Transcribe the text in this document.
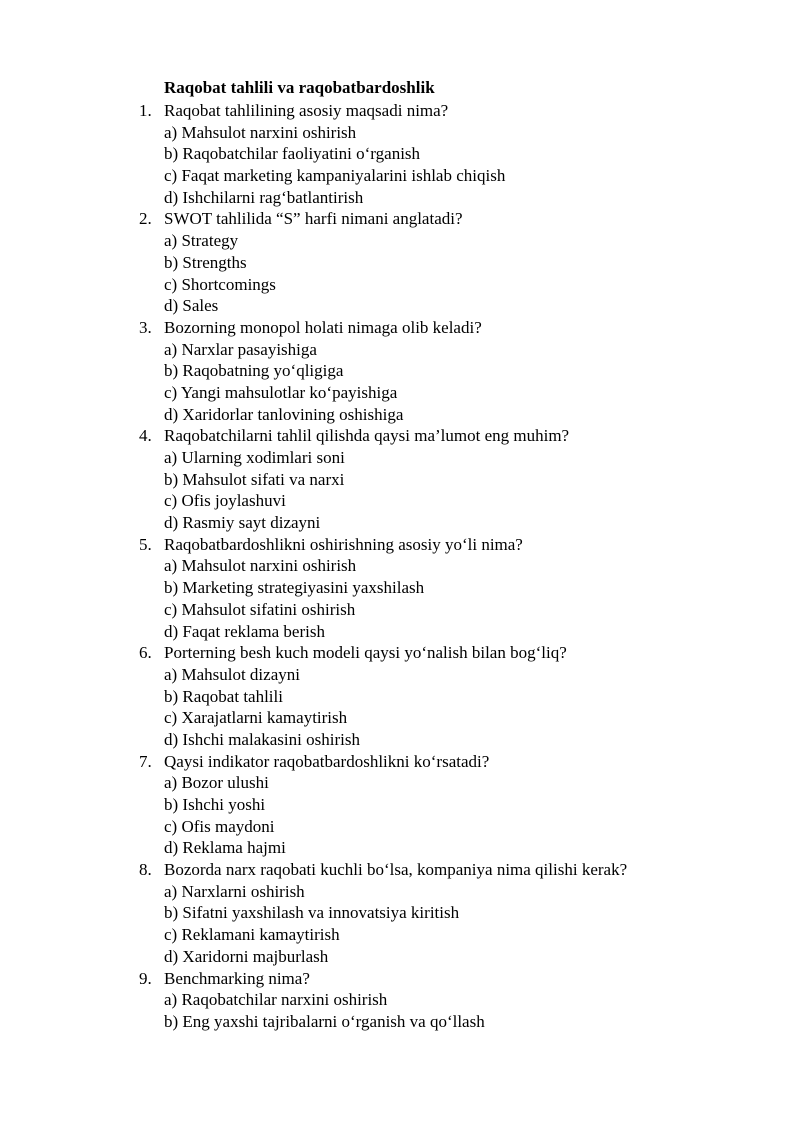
Raqobat tahlili va raqobatbardoshlik
1. Raqobat tahlilining asosiy maqsadi nima?
a) Mahsulot narxini oshirish
b) Raqobatchilar faoliyatini o‘rganish
c) Faqat marketing kampaniyalarini ishlab chiqish
d) Ishchilarni rag‘batlantirish
2. SWOT tahlilida “S” harfi nimani anglatadi?
a) Strategy
b) Strengths
c) Shortcomings
d) Sales
3. Bozorning monopol holati nimaga olib keladi?
a) Narxlar pasayishiga
b) Raqobatning yo‘qligiga
c) Yangi mahsulotlar ko‘payishiga
d) Xaridorlar tanlovining oshishiga
4. Raqobatchilarni tahlil qilishda qaysi ma’lumot eng muhim?
a) Ularning xodimlari soni
b) Mahsulot sifati va narxi
c) Ofis joylashuvi
d) Rasmiy sayt dizayni
5. Raqobatbardoshlikni oshirishning asosiy yo‘li nima?
a) Mahsulot narxini oshirish
b) Marketing strategiyasini yaxshilash
c) Mahsulot sifatini oshirish
d) Faqat reklama berish
6. Porterning besh kuch modeli qaysi yo‘nalish bilan bog‘liq?
a) Mahsulot dizayni
b) Raqobat tahlili
c) Xarajatlarni kamaytirish
d) Ishchi malakasini oshirish
7. Qaysi indikator raqobatbardoshlikni ko‘rsatadi?
a) Bozor ulushi
b) Ishchi yoshi
c) Ofis maydoni
d) Reklama hajmi
8. Bozorda narx raqobati kuchli bo‘lsa, kompaniya nima qilishi kerak?
a) Narxlarni oshirish
b) Sifatni yaxshilash va innovatsiya kiritish
c) Reklamani kamaytirish
d) Xaridorni majburlash
9. Benchmarking nima?
a) Raqobatchilar narxini oshirish
b) Eng yaxshi tajribalarni o‘rganish va qo‘llash
